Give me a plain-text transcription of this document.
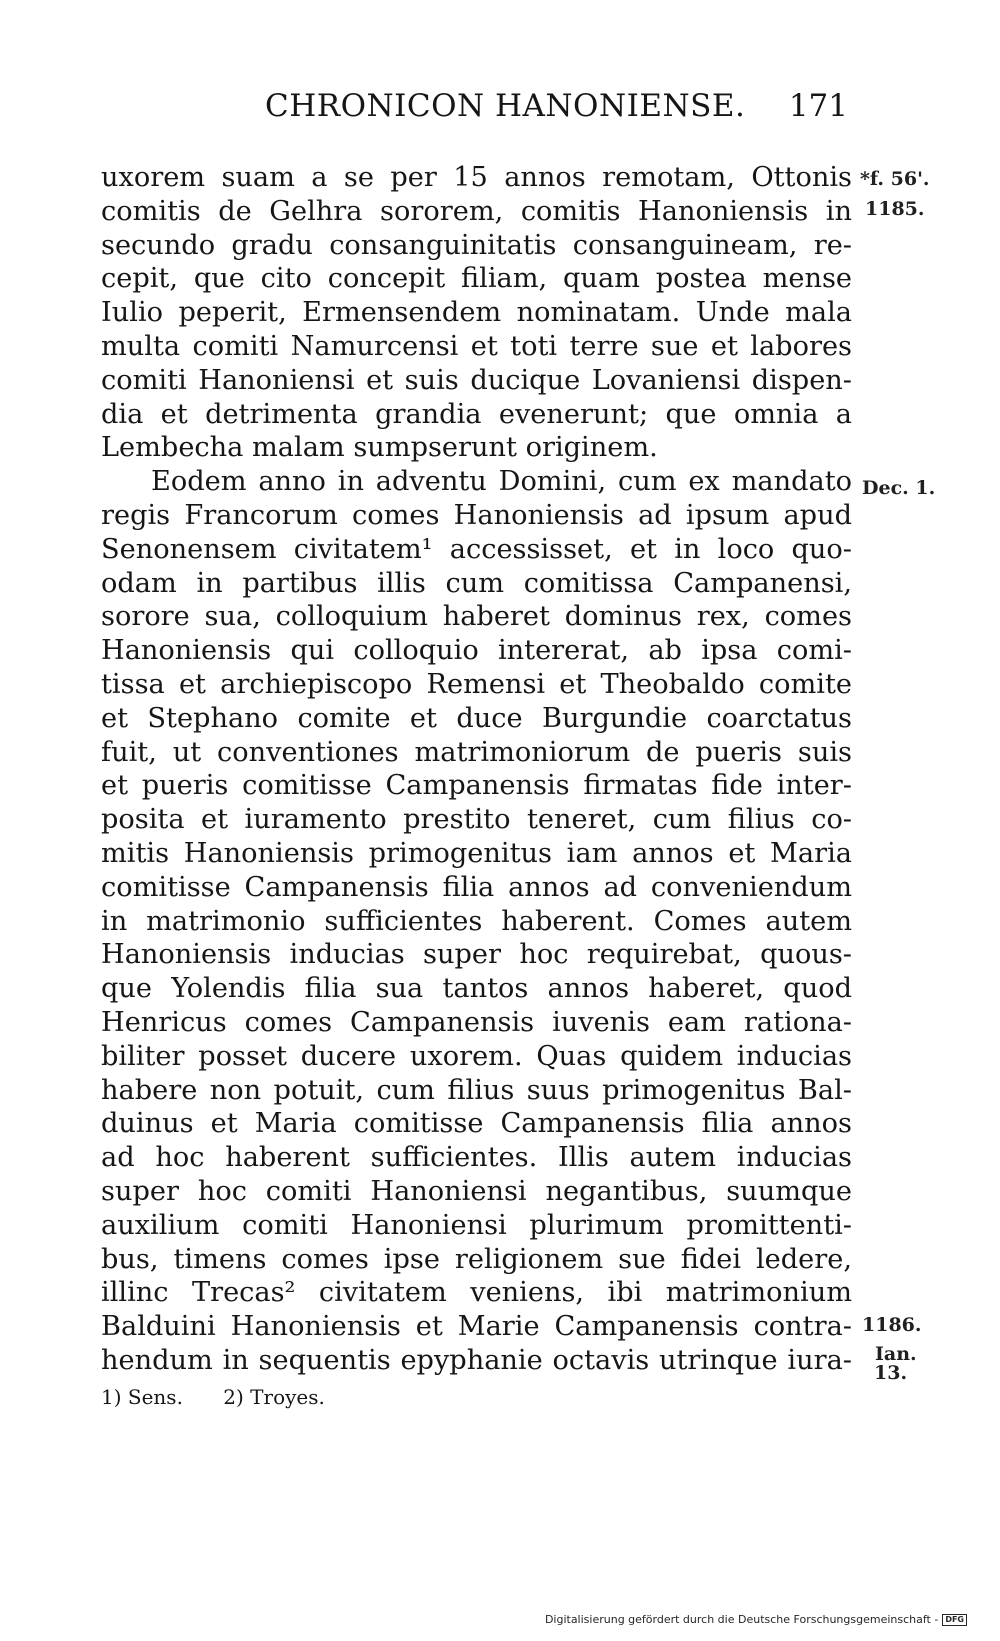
CHRONICON HANONIENSE.	171
uxorem suam a se per 15 annos remotam, Ottonis
comitis de Gelhra sororem, comitis Hanoniensis in
secundo gradu consanguinitatis consanguineam, re-
cepit, que cito concepit filiam, quam postea mense
Iulio peperit, Ermensendem nominatam. Unde mala
multa comiti Namurcensi et toti terre sue et labores
comiti Hanoniensi et suis ducique Lovaniensi dispen-
dia et detrimenta grandia evenerunt; que omnia a
Lembecha malam sumpserunt originem.
Eodem anno in adventu Domini, cum ex mandato
regis Francorum comes Hanoniensis ad ipsum apud
Senonensem civitatem¹ accessisset, et in loco quo-
odam in partibus illis cum comitissa Campanensi,
sorore sua, colloquium haberet dominus rex, comes
Hanoniensis qui colloquio intererat, ab ipsa comi-
tissa et archiepiscopo Remensi et Theobaldo comite
et Stephano comite et duce Burgundie coarctatus
fuit, ut conventiones matrimoniorum de pueris suis
et pueris comitisse Campanensis firmatas fide inter-
posita et iuramento prestito teneret, cum filius co-
mitis Hanoniensis primogenitus iam annos et Maria
comitisse Campanensis filia annos ad conveniendum
in matrimonio sufficientes haberent. Comes autem
Hanoniensis inducias super hoc requirebat, quous-
que Yolendis filia sua tantos annos haberet, quod
Henricus comes Campanensis iuvenis eam rationa-
biliter posset ducere uxorem. Quas quidem inducias
habere non potuit, cum filius suus primogenitus Bal-
duinus et Maria comitisse Campanensis filia annos
ad hoc haberent sufficientes. Illis autem inducias
super hoc comiti Hanoniensi negantibus, suumque
auxilium comiti Hanoniensi plurimum promittenti-
bus, timens comes ipse religionem sue fidei ledere,
illinc Trecas² civitatem veniens, ibi matrimonium
Balduini Hanoniensis et Marie Campanensis contra-
hendum in sequentis epyphanie octavis utrinque iura-
*f. 56'.
1185.
Dec. 1.
1186.
Ian.
13.
1) Sens. 2) Troyes.
Digitalisierung gefördert durch die Deutsche Forschungsgemeinschaft - DFG
